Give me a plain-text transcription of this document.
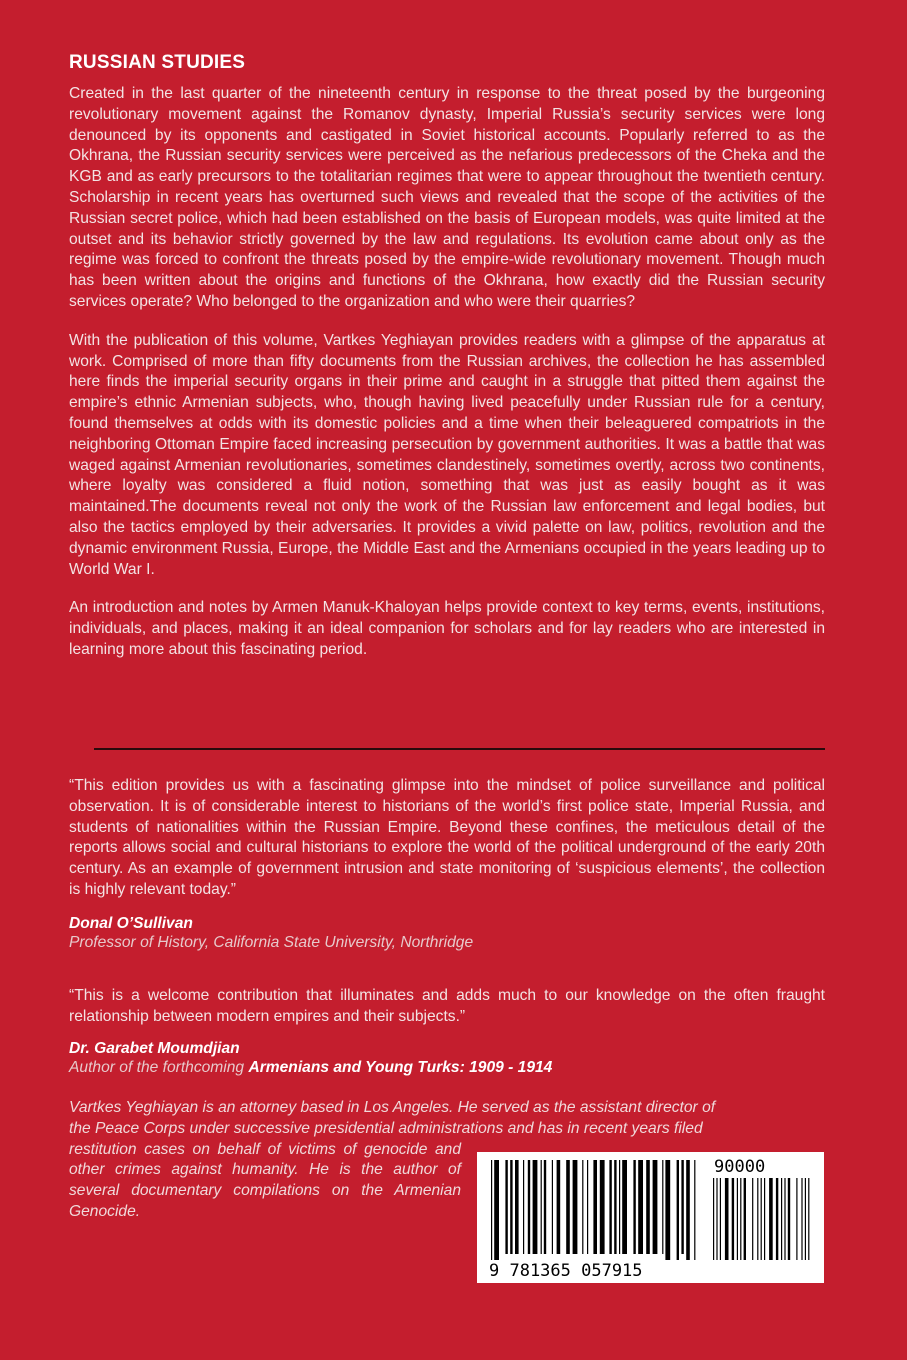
RUSSIAN STUDIES

Created in the last quarter of the nineteenth century in response to the threat posed by the burgeoning revolutionary movement against the Romanov dynasty, Imperial Russia’s security services were long denounced by its opponents and castigated in Soviet historical accounts. Popularly referred to as the Okhrana, the Russian security services were perceived as the nefarious predecessors of the Cheka and the KGB and as early precursors to the totalitarian regimes that were to appear throughout the twentieth century. Scholarship in recent years has overturned such views and revealed that the scope of the activities of the Russian secret police, which had been established on the basis of European models, was quite limited at the outset and its behavior strictly governed by the law and regulations. Its evolution came about only as the regime was forced to confront the threats posed by the empire-wide revolutionary movement. Though much has been written about the origins and functions of the Okhrana, how exactly did the Russian security services operate? Who belonged to the organization and who were their quarries?

With the publication of this volume, Vartkes Yeghiayan provides readers with a glimpse of the apparatus at work. Comprised of more than fifty documents from the Russian archives, the collection he has assembled here finds the imperial security organs in their prime and caught in a struggle that pitted them against the empire’s ethnic Armenian subjects, who, though having lived peacefully under Russian rule for a century, found themselves at odds with its domestic policies and a time when their beleaguered compatriots in the neighboring Ottoman Empire faced increasing persecution by government authorities. It was a battle that was waged against Armenian revolutionaries, sometimes clandestinely, sometimes overtly, across two continents, where loyalty was considered a fluid notion, something that was just as easily bought as it was maintained.The documents reveal not only the work of the Russian law enforcement and legal bodies, but also the tactics employed by their adversaries. It provides a vivid palette on law, politics, revolution and the dynamic environment Russia, Europe, the Middle East and the Armenians occupied in the years leading up to World War I.

An introduction and notes by Armen Manuk-Khaloyan helps provide context to key terms, events, institutions, individuals, and places, making it an ideal companion for scholars and for lay readers who are interested in learning more about this fascinating period.

“This edition provides us with a fascinating glimpse into the mindset of police surveillance and political observation. It is of considerable interest to historians of the world’s first police state, Imperial Russia, and students of nationalities within the Russian Empire. Beyond these confines, the meticulous detail of the reports allows social and cultural historians to explore the world of the political underground of the early 20th century. As an example of government intrusion and state monitoring of ‘suspicious elements’, the collection is highly relevant today.”

Donal O’Sullivan
Professor of History, California State University, Northridge

“This is a welcome contribution that illuminates and adds much to our knowledge on the often fraught relationship between modern empires and their subjects.”

Dr. Garabet Moumdjian
Author of the forthcoming Armenians and Young Turks: 1909 - 1914
Vartkes Yeghiayan is an attorney based in Los Angeles. He served as the assistant director of
the Peace Corps under successive presidential administrations and has in recent years filed
restitution cases on behalf of victims of genocide and other crimes against humanity. He is the author of several documentary compilations on the Armenian Genocide.
9 781365 057915
90000
